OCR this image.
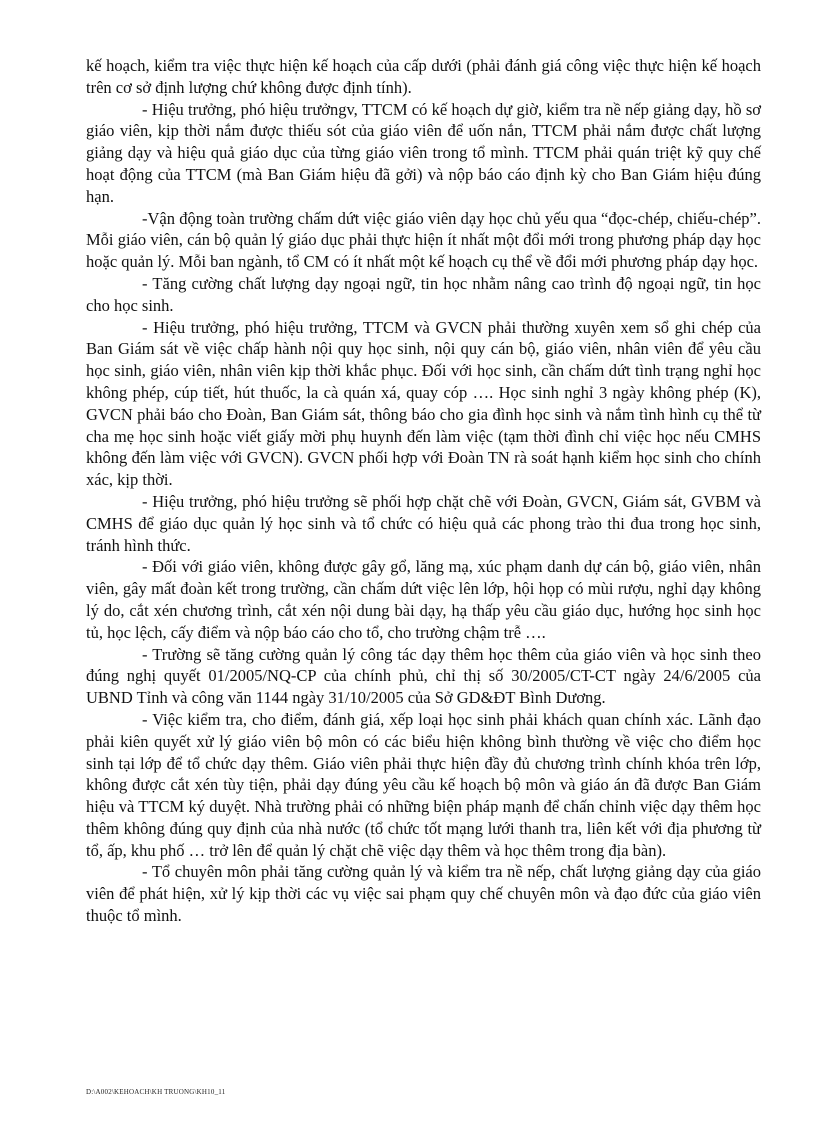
kế hoạch, kiểm tra việc thực hiện kế hoạch của cấp dưới (phải đánh giá công việc thực hiện kế hoạch trên cơ sở định lượng chứ không được định tính).

- Hiệu trưởng, phó hiệu trưởngv, TTCM có kế hoạch dự giờ, kiểm tra nề nếp giảng dạy, hồ sơ giáo viên, kịp thời nắm được thiếu sót của giáo viên để uốn nắn, TTCM phải nắm được chất lượng giảng dạy và hiệu quả giáo dục của từng giáo viên trong tổ mình. TTCM phải quán triệt kỹ quy chế hoạt động của TTCM (mà Ban Giám hiệu đã gởi) và nộp báo cáo định kỳ cho Ban Giám hiệu đúng hạn.

-Vận động toàn trường chấm dứt việc giáo viên dạy học chủ yếu qua “đọc-chép, chiếu-chép”. Mỗi giáo viên, cán bộ quản lý giáo dục phải thực hiện ít nhất một đổi mới trong phương pháp dạy học hoặc quản lý. Mỗi ban ngành, tổ CM có ít nhất một kế hoạch cụ thể về đổi mới phương pháp dạy học.

- Tăng cường chất lượng dạy ngoại ngữ, tin học nhằm nâng cao trình độ ngoại ngữ, tin học cho học sinh.

- Hiệu trưởng, phó hiệu trưởng, TTCM và GVCN phải thường xuyên xem sổ ghi chép của Ban Giám sát về việc chấp hành nội quy học sinh, nội quy cán bộ, giáo viên, nhân viên để yêu cầu học sinh, giáo viên, nhân viên kịp thời khắc phục. Đối với học sinh, cần chấm dứt tình trạng nghỉ học không phép, cúp tiết, hút thuốc, la cà quán xá, quay cóp …. Học sinh nghỉ 3 ngày không phép (K), GVCN phải báo cho Đoàn, Ban Giám sát, thông báo cho gia đình học sinh và nắm tình hình cụ thể từ cha mẹ học sinh hoặc viết giấy mời phụ huynh đến làm việc (tạm thời đình chỉ việc học nếu CMHS không đến làm việc với GVCN). GVCN phối hợp với Đoàn TN rà soát hạnh kiểm học sinh cho chính xác, kịp thời.

- Hiệu trưởng, phó hiệu trưởng sẽ phối hợp chặt chẽ với Đoàn, GVCN, Giám sát, GVBM và CMHS để giáo dục quản lý học sinh và tổ chức có hiệu quả các phong trào thi đua trong học sinh, tránh hình thức.

- Đối với giáo viên, không được gây gổ, lăng mạ, xúc phạm danh dự cán bộ, giáo viên, nhân viên, gây mất đoàn kết trong trường, cần chấm dứt việc lên lớp, hội họp có mùi rượu, nghỉ dạy không lý do, cắt xén chương trình, cắt xén nội dung bài dạy, hạ thấp yêu cầu giáo dục, hướng học sinh học tủ, học lệch, cấy điểm và nộp báo cáo cho tổ, cho trường chậm trễ ….

- Trường sẽ tăng cường quản lý công tác dạy thêm học thêm của giáo viên và học sinh theo đúng nghị quyết 01/2005/NQ-CP của chính phủ, chỉ thị số 30/2005/CT-CT ngày 24/6/2005 của UBND Tỉnh và công văn 1144 ngày 31/10/2005 của Sở GD&ĐT Bình Dương.

- Việc kiểm tra, cho điểm, đánh giá, xếp loại học sinh phải khách quan chính xác. Lãnh đạo phải kiên quyết xử lý giáo viên bộ môn có các biểu hiện không bình thường về việc cho điểm học sinh tại lớp để tổ chức dạy thêm. Giáo viên phải thực hiện đầy đủ chương trình chính khóa trên lớp, không được cắt xén tùy tiện, phải dạy đúng yêu cầu kế hoạch bộ môn và giáo án đã được Ban Giám hiệu và TTCM ký duyệt. Nhà trường phải có những biện pháp mạnh để chấn chỉnh việc dạy thêm học thêm không đúng quy định của nhà nước (tổ chức tốt mạng lưới thanh tra, liên kết với địa phương từ tổ, ấp, khu phố … trở lên để quản lý chặt chẽ việc dạy thêm và học thêm trong địa bàn).

- Tổ chuyên môn phải tăng cường quản lý và kiểm tra nề nếp, chất lượng giảng dạy của giáo viên để phát hiện, xử lý kịp thời các vụ việc sai phạm quy chế chuyên môn và đạo đức của giáo viên thuộc tổ mình.

D:\A002\KEHOACH\KH TRUONG\KH10_11
